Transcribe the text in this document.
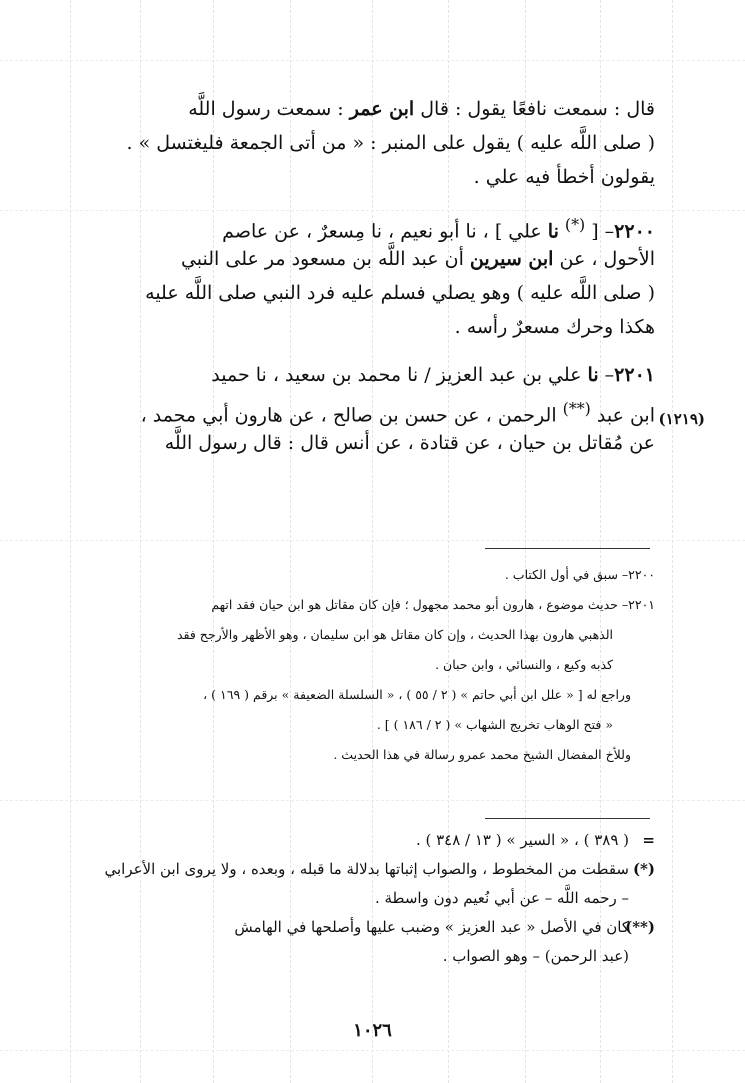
قال : سمعت نافعًا يقول : قال ابن عمر : سمعت رسول اللَّه
( صلى اللَّه عليه ) يقول على المنبر : « من أتى الجمعة فليغتسل » .
يقولون أخطأ فيه علي .
٢٢٠٠– [ (*) نا علي ] ، نا أبو نعيم ، نا مِسعرٌ ، عن عاصم
الأحول ، عن ابن سيرين أن عبد اللَّه بن مسعود مر على النبي
( صلى اللَّه عليه ) وهو يصلي فسلم عليه فرد النبي صلى اللَّه عليه
هكذا وحرك مسعرٌ رأسه .
٢٢٠١– نا علي بن عبد العزيز / نا محمد بن سعيد ، نا حميد
ابن عبد (**) الرحمن ، عن حسن بن صالح ، عن هارون أبي محمد ،
عن مُقاتل بن حيان ، عن قتادة ، عن أنس قال : قال رسول اللَّه
(١٢١٩)
٢٢٠٠– سبق في أول الكتاب .
٢٢٠١– حديث موضوع ، هارون أبو محمد مجهول ؛ فإن كان مقاتل هو ابن حيان فقد اتهم
الذهبي هارون بهذا الحديث ، وإن كان مقاتل هو ابن سليمان ، وهو الأظهر والأرجح فقد
كذبه وكيع ، والنسائي ، وابن حبان .
وراجع له [ « علل ابن أبي حاتم » ( ٢ / ٥٥ ) ، « السلسلة الضعيفة » برقم ( ١٦٩ ) ،
« فتح الوهاب تخريج الشهاب » ( ٢ / ١٨٦ ) ] .
وللأخ المفضال الشيخ محمد عمرو رسالة في هذا الحديث .
=( ٣٨٩ ) ، « السير » ( ١٣ / ٣٤٨ ) .
(*)سقطت من المخطوط ، والصواب إثباتها بدلالة ما قبله ، وبعده ، ولا يروى ابن الأعرابي
– رحمه اللَّه – عن أبي نُعيم دون واسطة .
(**)كان في الأصل « عبد العزيز » وضبب عليها وأصلحها في الهامش
(عبد الرحمن) – وهو الصواب .
١٠٢٦
